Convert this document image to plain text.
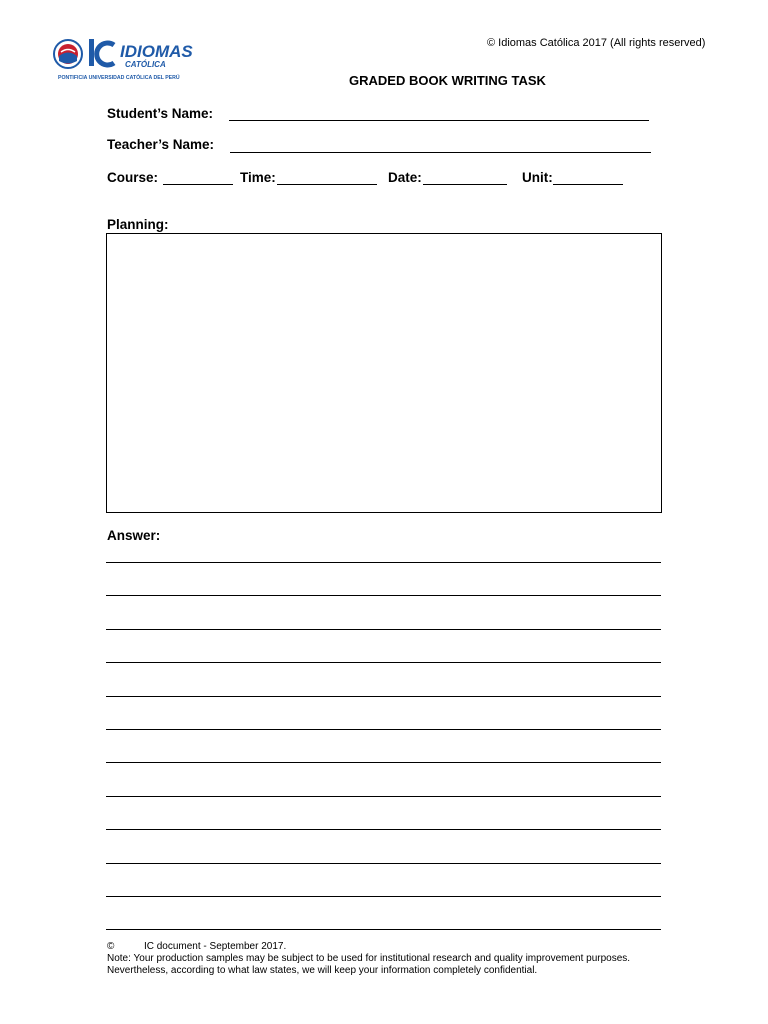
IDIOMAS
CATÓLICA
PONTIFICIA UNIVERSIDAD CATÓLICA DEL PERÚ
© Idiomas Católica 2017 (All rights reserved)
GRADED BOOK WRITING TASK
Student’s Name:
Teacher’s Name:
Course:	Time:	Date:	Unit:
Planning:
Answer:
©	IC document - September 2017.
Note: Your production samples may be subject to be used for institutional research and quality improvement purposes.
Nevertheless, according to what law states, we will keep your information completely confidential.
